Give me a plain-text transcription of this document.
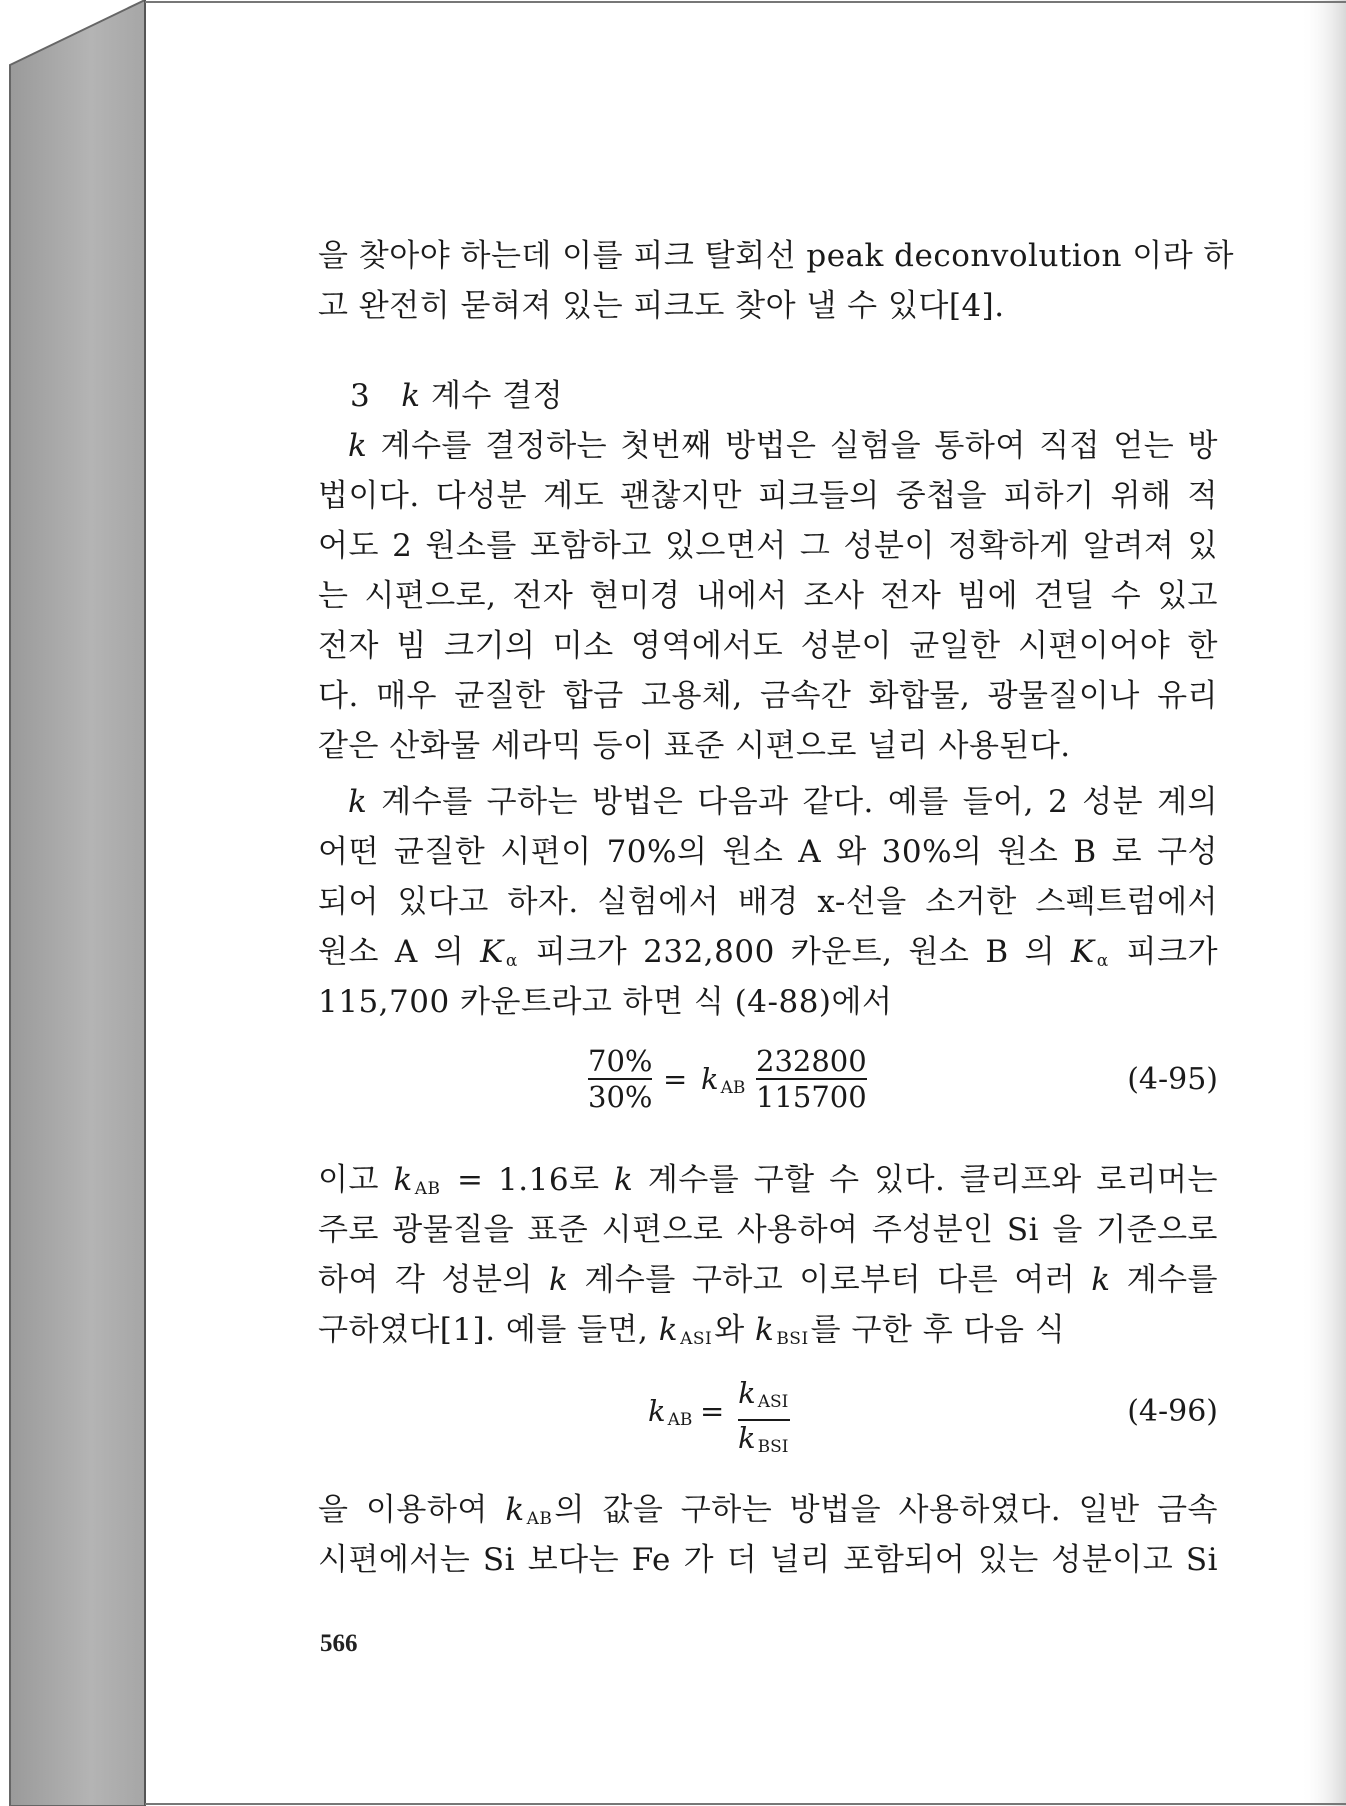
을 찾아야 하는데 이를 피크 탈회선 peak deconvolution 이라 하
고 완전히 묻혀져 있는 피크도 찾아 낼 수 있다[4].
3 k 계수 결정
k 계수를 결정하는 첫번째 방법은 실험을 통하여 직접 얻는 방
법이다. 다성분 계도 괜찮지만 피크들의 중첩을 피하기 위해 적
어도 2 원소를 포함하고 있으면서 그 성분이 정확하게 알려져 있
는 시편으로, 전자 현미경 내에서 조사 전자 빔에 견딜 수 있고
전자 빔 크기의 미소 영역에서도 성분이 균일한 시편이어야 한
다. 매우 균질한 합금 고용체, 금속간 화합물, 광물질이나 유리
같은 산화물 세라믹 등이 표준 시편으로 널리 사용된다.
k 계수를 구하는 방법은 다음과 같다. 예를 들어, 2 성분 계의
어떤 균질한 시편이 70%의 원소 A 와 30%의 원소 B 로 구성
되어 있다고 하자. 실험에서 배경 x-선을 소거한 스펙트럼에서
원소 A 의 K $_\alpha$ 피크가 232,800 카운트, 원소 B 의 K $_\alpha$ 피크가
115,700 카운트라고 하면 식 (4-88)에서
70%
30%
= k $_{AB}$
232800
115700	(4-95)
이고 k $_{AB}$ = 1.16로 k 계수를 구할 수 있다. 클리프와 로리머는
주로 광물질을 표준 시편으로 사용하여 주성분인 Si 을 기준으로
하여 각 성분의 k 계수를 구하고 이로부터 다른 여러 k 계수를
구하였다[1]. 예를 들면, k $_{ASI}$와 k $_{BSI}$를 구한 후 다음 식
k $_{AB}$ =
k $_{ASI}$
k $_{BSI}$
(4-96)
을 이용하여 k $_{AB}$의 값을 구하는 방법을 사용하였다. 일반 금속
시편에서는 Si 보다는 Fe 가 더 널리 포함되어 있는 성분이고 Si
566
